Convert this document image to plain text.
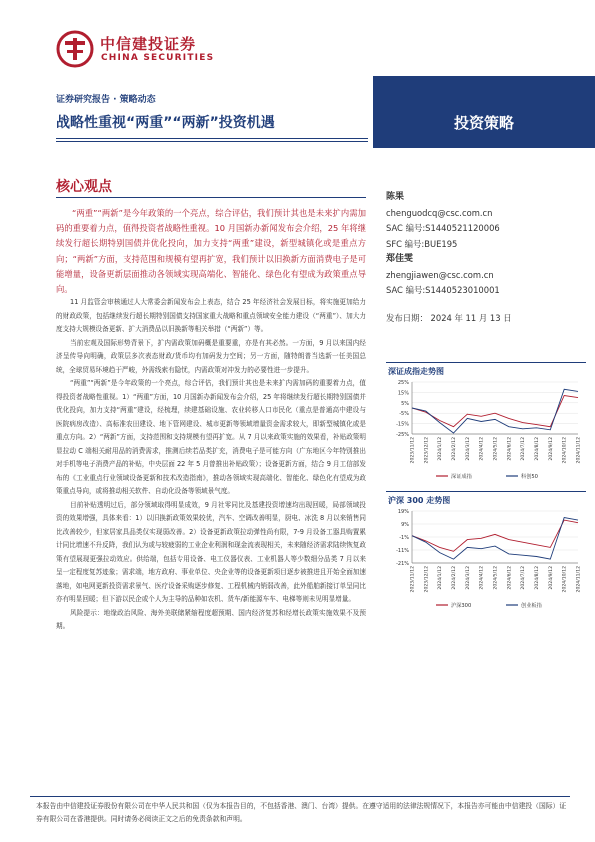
中信建投证券
CHINA SECURITIES
投资策略
证券研究报告 · 策略动态
战略性重视“两重”“两新”投资机遇
核心观点

“两重”“两新”是今年政策的一个亮点，综合评估，我们预计其也是未来扩内需加码的重要着力点，值得投资者战略性重视。10 月国新办新闻发布会介绍，25 年将继续发行超长期特别国债并优化投向，加力支持“两重”建设，新型城镇化或是重点方向；“两新”方面，支持范围和规模有望再扩宽，我们预计以旧换新方面消费电子是可能增量，设备更新层面推动各领域实现高端化、智能化、绿色化有望成为政策重点导向。

11 月监管会审核通过人大常委会新闻发布会上表态，结合 25 年经济社会发展目标，将实施更加给力的财政政策，包括继续发行超长期特别国债支持国家重大战略和重点领域安全能力建设（“两重”）、加大力度支持大规模设备更新、扩大消费品以旧换新等相关举措（“两新”）等。

当前宏观及国际形势背景下，扩内需政策加码概是重要重，亦是有其必然。一方面，9 月以来国内经济呈传导向明确，政策层多次表态财政/货币均有加码发力空间；另一方面，随特朗普当选新一任美国总统，全球贸易环境趋于严峻，外需线索有隐忧，内需政策对冲发力的必要性进一步提升。

“两重”“两新”是今年政策的一个亮点，综合评估，我们预计其也是未来扩内需加码的重要着力点，值得投资者战略性重视。1）“两重”方面，10 月国新办新闻发布会介绍，25 年将继续发行超长期特别国债并优化投向，加力支持“两重”建设，经梳理，续建基础设施、农业转移人口市民化（重点是普通高中建设与医院病房改造）、高标准农田建设、地下管网建设、城市更新等领域增量资金需求较大，即新型城镇化或是重点方向。2）“两新”方面，支持范围和支持规模有望再扩宽。从 7 月以来政策实施的效果看，补贴政策明显拉动 C 端相关耐用品的消费需求，推测后续若品类扩充，消费电子是可能方向（广东地区今年特别推出对手机等电子消费产品的补贴，中央层面 22 年 5 月曾推出补贴政策）；设备更新方面，结合 9 月工信部发布的《工业重点行业领域设备更新和技术改造指南》，推动各领域实现高端化、智能化、绿色化有望成为政策重点导向，或将推动相关软件、自动化设备等领域景气度。

目前补贴透明过后，部分领域取得明显成效，9 月社零同比及基建投资增速均出现回暖，局部领域投资的效果增强，具体来看：1）以旧换新政策效果较优，汽车、空调改善明显，厨电、冰洗 8 月以来销售同比改善较少，但家居家具品类仅实现弱改善。2）设备更新政策拉动弹性尚有限，7-9 月设备工器具购置累计同比增速不升反降，我们认为或与较疲弱的工业企业利润和现金流表现相关，未来随经济需求陆续恢复政策有望展现更强拉动效应。供给端，包括专用设备、电工仪器仪表、工业机器人等少数细分品类 7 月以来呈一定程度复苏迹象；需求端，地方政府、事业单位、央企业等的设备更新项目逐步被推进且开始全面加速落地，如电网更新投资需求景气、医疗设备采购逐步修复、工程机械内销弱改善，此外船舶新接订单呈同比亦有明显回暖；但下游以民企或个人为主导的品种如农机、货车/新能源车车、电梯等则未见明显增量。

风险提示：地缘政治风险、海外美联储紧缩程度超预期、国内经济复苏和经增长政策实施效果不及预期。

陈果
chenguodcq@csc.com.cn
SAC 编号:S1440521120006
SFC 编号:BUE195
郑佳雯
zhengjiawen@csc.com.cn
SAC 编号:S1440523010001
发布日期： 2024 年 11 月 13 日
深证成指走势图
25%
15%
5%
-5%
-15%
-25%
2023/11/12 2023/12/12 2024/1/12 2024/2/12 2024/3/12 2024/4/12 2024/5/12 2024/6/12 2024/7/12 2024/8/12 2024/9/12 2024/10/12 2024/11/12
深证成指	科创50
沪深 300 走势图
19%
9%
-1%
-11%
-21%
2023/11/12 2023/12/12 2024/1/12 2024/2/12 2024/3/12 2024/4/12 2024/5/12 2024/6/12 2024/7/12 2024/8/12 2024/9/12 2024/10/12 2024/11/12
沪深300	创业板指
本报告由中信建投证券股份有限公司在中华人民共和国（仅为本报告目的，不包括香港、澳门、台湾）提供。在遵守适用的法律法规情况下，本报告亦可能由中信建投（国际）证券有限公司在香港提供。同时请务必阅读正文之后的免责条款和声明。
